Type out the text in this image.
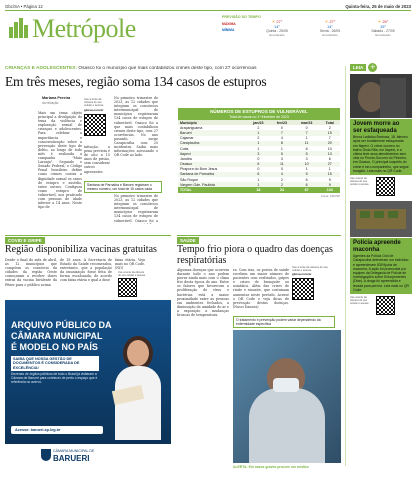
Gbc/SA • Página 12	Quinta-feira, 25 de maio de 2023
Metrópole	PREVISÃO DO TEMPO
MÁXIMA
MÍNIMA
☀ 27°
14°
Quinta - 25/05
Ensolarado
☀ 27°
14°
Sexta - 26/05
Ensolarado
☀ 25°
15°
Sábado - 27/05
Ensolarado
CRIANÇAS E ADOLESCENTES: Osasco foi o município que mais contabilizou crimes deste tipo, com 27 ocorrências
Em três meses, região soma 134 casos de estupros
Mariana Pereira
da redação
Mais um tema objeto principal a divulgação do tema da violência e exploração sexual de crianças e adolescentes. Para celebrar a importância e conscientização sobre a prevenção deste tipo de delito, ao longo de todo mês é realizada a campanha "Maio Laranja". Segundo o Senado Federal, o Código Penal brasileiro define como crimes contra a dignidade sexual os casos de estupro e assédio, entre outros. Configura como estupro de vulnerável, nos praticado com pessoas de idade inferior a 14 anos. Neste tipo de
Use a lente da câmera do seu celular e acesse
gbcsa.com.br
infração, a pena prevista é de oito a 15 anos de prisão, sem considerar outros agravantes
No primeiro trimestre de 2023, as 12 cidades que integram os consórcios intermunicipal de municípios registraram 134 casos de estupro de vulnerável. Osasco foi a que mais contabilizou crimes deste tipo, com 27 ocorrências. No ano passado, surge Carapicuíba com 20 incidentes. Saiba mais informações acessando o QR Code ao lado.
Santana de Parnaíba e Barueri registram o mesmo número, um total de 15 casos cada
No primeiro trimestre de 2023, as 12 cidades que integram os consórcios intermunicipal de municípios registraram 134 casos de estupro de vulnerável. Osasco foi a
NÚMEROS DE ESTUPROS DE VULNERÁVEL
Total de casos no 1º trimestre de 2023
Município	jan/23	fev/23	mar/23	Total
Araçariguama	2	0	0	2
Barueri	1	7	7	15
Cajamar	2	4	1	7
Carapicuíba	1	8	11	20
Cotia	1	1	8	10
Itapevi	3	5	5	13
Jandira	0	3	3	6
Osasco	6	11	10	27
Pirapora do Bom Jesus	0	0	1	1
Santana de Parnaíba	6	4	5	15
São Roque	1	2	6	9
Vargem Gde. Paulista	1	2	6	9
TOTAL	18	34	87	134
Fonte: SSP/SP
COVID E GRIPE
Região disponibiliza vacinas gratuitas
Desde o final do mês de abril, as 12 municípios que compõem os consórcio da cidades da região Oeste começaram a receber doses extras da vacina bivalente da Pfizer para o público acima
de 18 anos. A Secretaria de Estado da Saúde recomendou, entretanto, que a população da imunização fosse feita de forma escalonada, de acordo com faixa etária e qual a dose
faixa etária. Veja mais no QR Code. (ND)
Use a lente da câmera do seu celular e acesse
ARQUIVO PÚBLICO DA
CÂMARA MUNICIPAL
É MODELO NO PAÍS
SAIBA QUE NOSSA GESTÃO DE DOCUMENTOS É CONSIDERADA DE EXCELÊNCIA!
Dezenas de órgãos públicos de todo o Brasil já visitaram a Câmara de Barueri para conhecer de perto o espaço que é referência no acervo.
Acesse: barueri.sp.leg.br
CÂMARA MUNICIPAL DE
BARUERI
SAÚDE
Tempo frio piora o quadro das doenças respiratórias
Algumas doenças que ocorrem durante todo o ano podem piorar ainda mais com o clima frio desta época do ano. Entre os fatores que favorecem a proliferação de vírus e bactérias está a maior proximidade entre as pessoas em ambientes fechados, a diminuição da umidade do ar e a exposição a mudanças bruscas de temperatura.
ra. Com isso, os postos de saúde recebem um maior número de pacientes com resfriados, gripes e crises de bronquite ou asmática. Além das crises de rinite e sinusite, que costumam aumentar neste período. Acesse o QR Code e veja dicas de prevenção destas doenças. (Nasci Dannes)
Use a lente da câmera do seu celular e acesse
gbcsa.com.br
O tratamento e prevenção podem variar dependendo da enfermidade específica
ALERTA: Em casos graves procure um médico
LEIA +
Jovem morre ao ser esfaqueada
Bruna Ladislau Barbosa, 18, faleceu após ser brutalmente esfaqueada em Itapevi. O crime ocorreu no bairro Gioia Rita, em Itapevi, e a vítima teve seus atendimentos sem vida no Pronto-Socorro do Pinheiro, em Osasco. O principal suspeito do crime é seu companheiro, que segue foragido. Leia mais no QR Code.
Use a lente da câmera do seu celular e acesse
Polícia apreende maconha
Agentes da Polícia Civil de Carapicuíba deteveram um indivíduo e apreenderam 839 tijolos de maconha. A ação foi promovida por equipes da Delegacia de Polícia de Investigações sobre Entorpecentes (Dise). A droga foi apreendida e levada para perícia. Leia mais no QR Code.
Use a lente da câmera do seu celular e acesse
